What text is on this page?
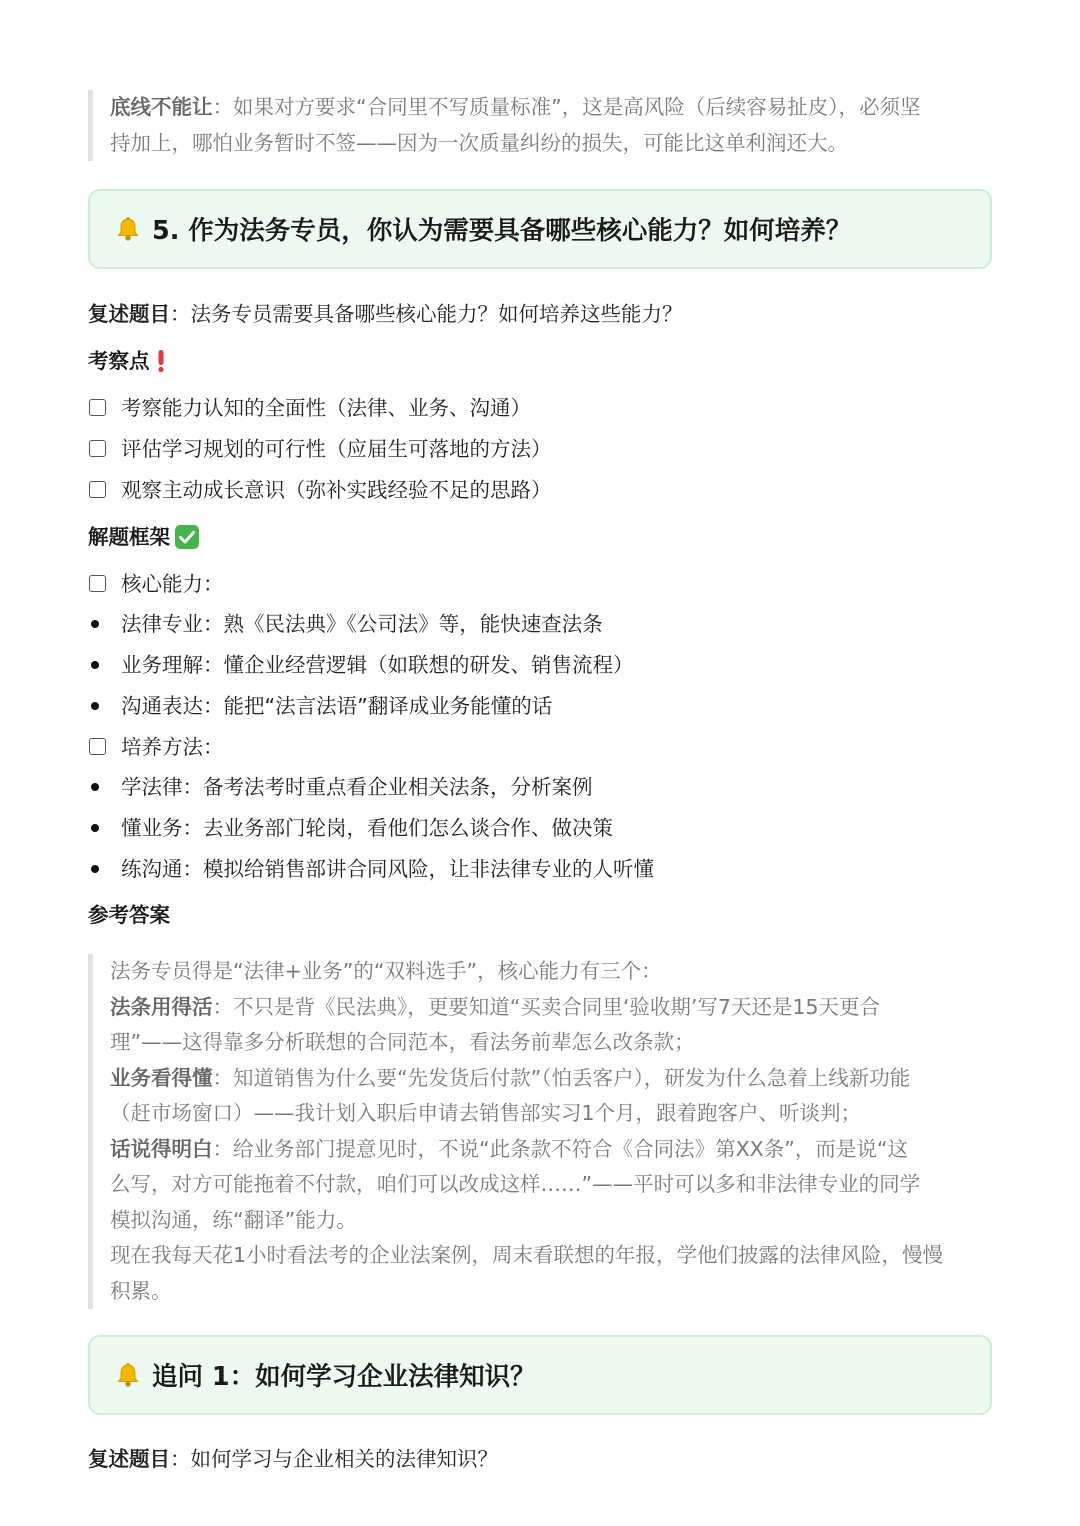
底线不能让：如果对方要求“合同里不写质量标准”，这是高风险（后续容易扯皮），必须坚

持加上，哪怕业务暂时不签——因为一次质量纠纷的损失，可能比这单利润还大。

5. 作为法务专员，你认为需要具备哪些核心能力？如何培养？
复述题目：法务专员需要具备哪些核心能力？如何培养这些能力？
考察点
考察能力认知的全面性（法律、业务、沟通）
评估学习规划的可行性（应届生可落地的方法）
观察主动成长意识（弥补实践经验不足的思路）
解题框架
核心能力：
法律专业：熟《民法典》《公司法》等，能快速查法条
业务理解：懂企业经营逻辑（如联想的研发、销售流程）
沟通表达：能把“法言法语”翻译成业务能懂的话
培养方法：
学法律：备考法考时重点看企业相关法条，分析案例
懂业务：去业务部门轮岗，看他们怎么谈合作、做决策
练沟通：模拟给销售部讲合同风险，让非法律专业的人听懂
参考答案

法务专员得是“法律+业务”的“双料选手”，核心能力有三个：

法条用得活：不只是背《民法典》，更要知道“买卖合同里‘验收期’写7天还是15天更合

理”——这得靠多分析联想的合同范本，看法务前辈怎么改条款；

业务看得懂：知道销售为什么要“先发货后付款”（怕丢客户），研发为什么急着上线新功能

（赶市场窗口）——我计划入职后申请去销售部实习1个月，跟着跑客户、听谈判；

话说得明白：给业务部门提意见时，不说“此条款不符合《合同法》第XX条”，而是说“这

么写，对方可能拖着不付款，咱们可以改成这样……”——平时可以多和非法律专业的同学

模拟沟通，练“翻译”能力。

现在我每天花1小时看法考的企业法案例，周末看联想的年报，学他们披露的法律风险，慢慢

积累。

追问 1：如何学习企业法律知识？
复述题目：如何学习与企业相关的法律知识？
